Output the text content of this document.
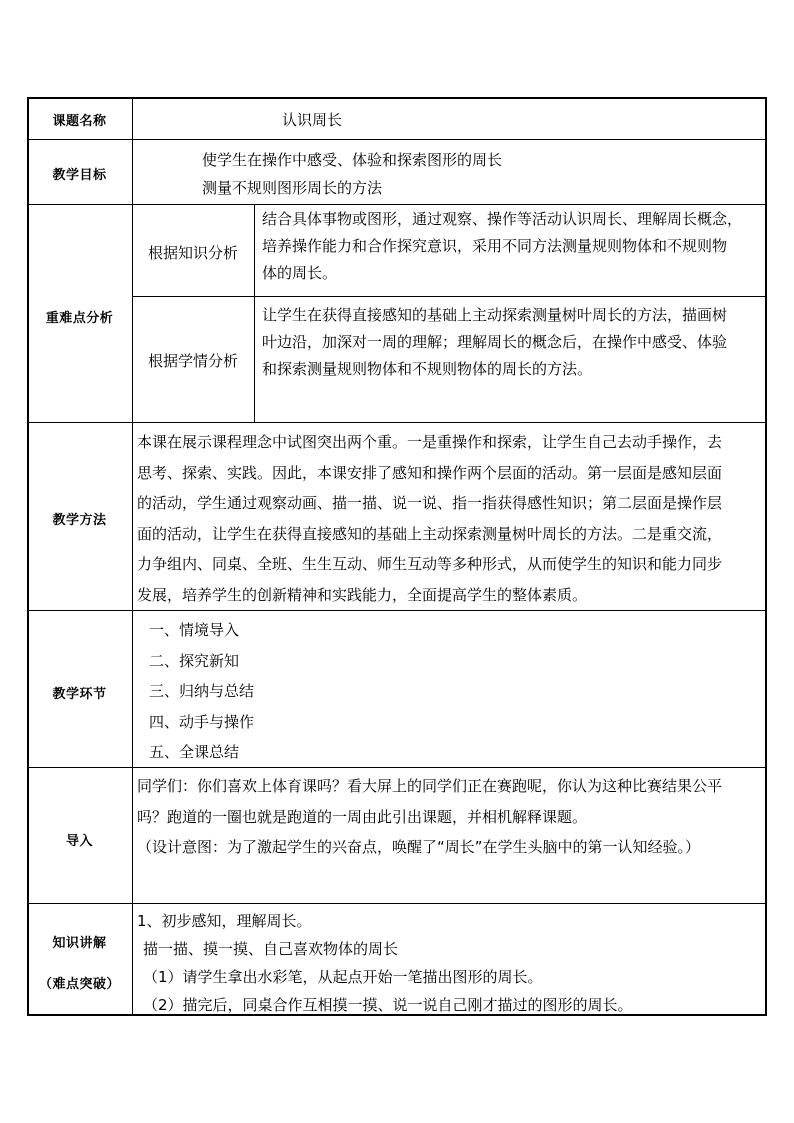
课题名称	认识周长
教学目标
使学生在操作中感受、体验和探索图形的周长
测量不规则图形周长的方法
重难点分析
根据知识分析
结合具体事物或图形，通过观察、操作等活动认识周长、理解周长概念，
培养操作能力和合作探究意识，采用不同方法测量规则物体和不规则物
体的周长。
根据学情分析
让学生在获得直接感知的基础上主动探索测量树叶周长的方法，描画树
叶边沿，加深对一周的理解；理解周长的概念后，在操作中感受、体验
和探索测量规则物体和不规则物体的周长的方法。
教学方法
本课在展示课程理念中试图突出两个重。一是重操作和探索，让学生自己去动手操作，去
思考、探索、实践。因此，本课安排了感知和操作两个层面的活动。第一层面是感知层面
的活动，学生通过观察动画、描一描、说一说、指一指获得感性知识；第二层面是操作层
面的活动，让学生在获得直接感知的基础上主动探索测量树叶周长的方法。二是重交流，
力争组内、同桌、全班、生生互动、师生互动等多种形式，从而使学生的知识和能力同步
发展，培养学生的创新精神和实践能力，全面提高学生的整体素质。
教学环节
一、情境导入
二、探究新知
三、归纳与总结
四、动手与操作
五、全课总结
导入
同学们：你们喜欢上体育课吗？看大屏上的同学们正在赛跑呢，你认为这种比赛结果公平
吗？跑道的一圈也就是跑道的一周由此引出课题，并相机解释课题。
（设计意图：为了激起学生的兴奋点，唤醒了“周长”在学生头脑中的第一认知经验。）
知识讲解
（难点突破）
1、初步感知，理解周长。
描一描、摸一摸、自己喜欢物体的周长
（1）请学生拿出水彩笔，从起点开始一笔描出图形的周长。
（2）描完后，同桌合作互相摸一摸、说一说自己刚才描过的图形的周长。
